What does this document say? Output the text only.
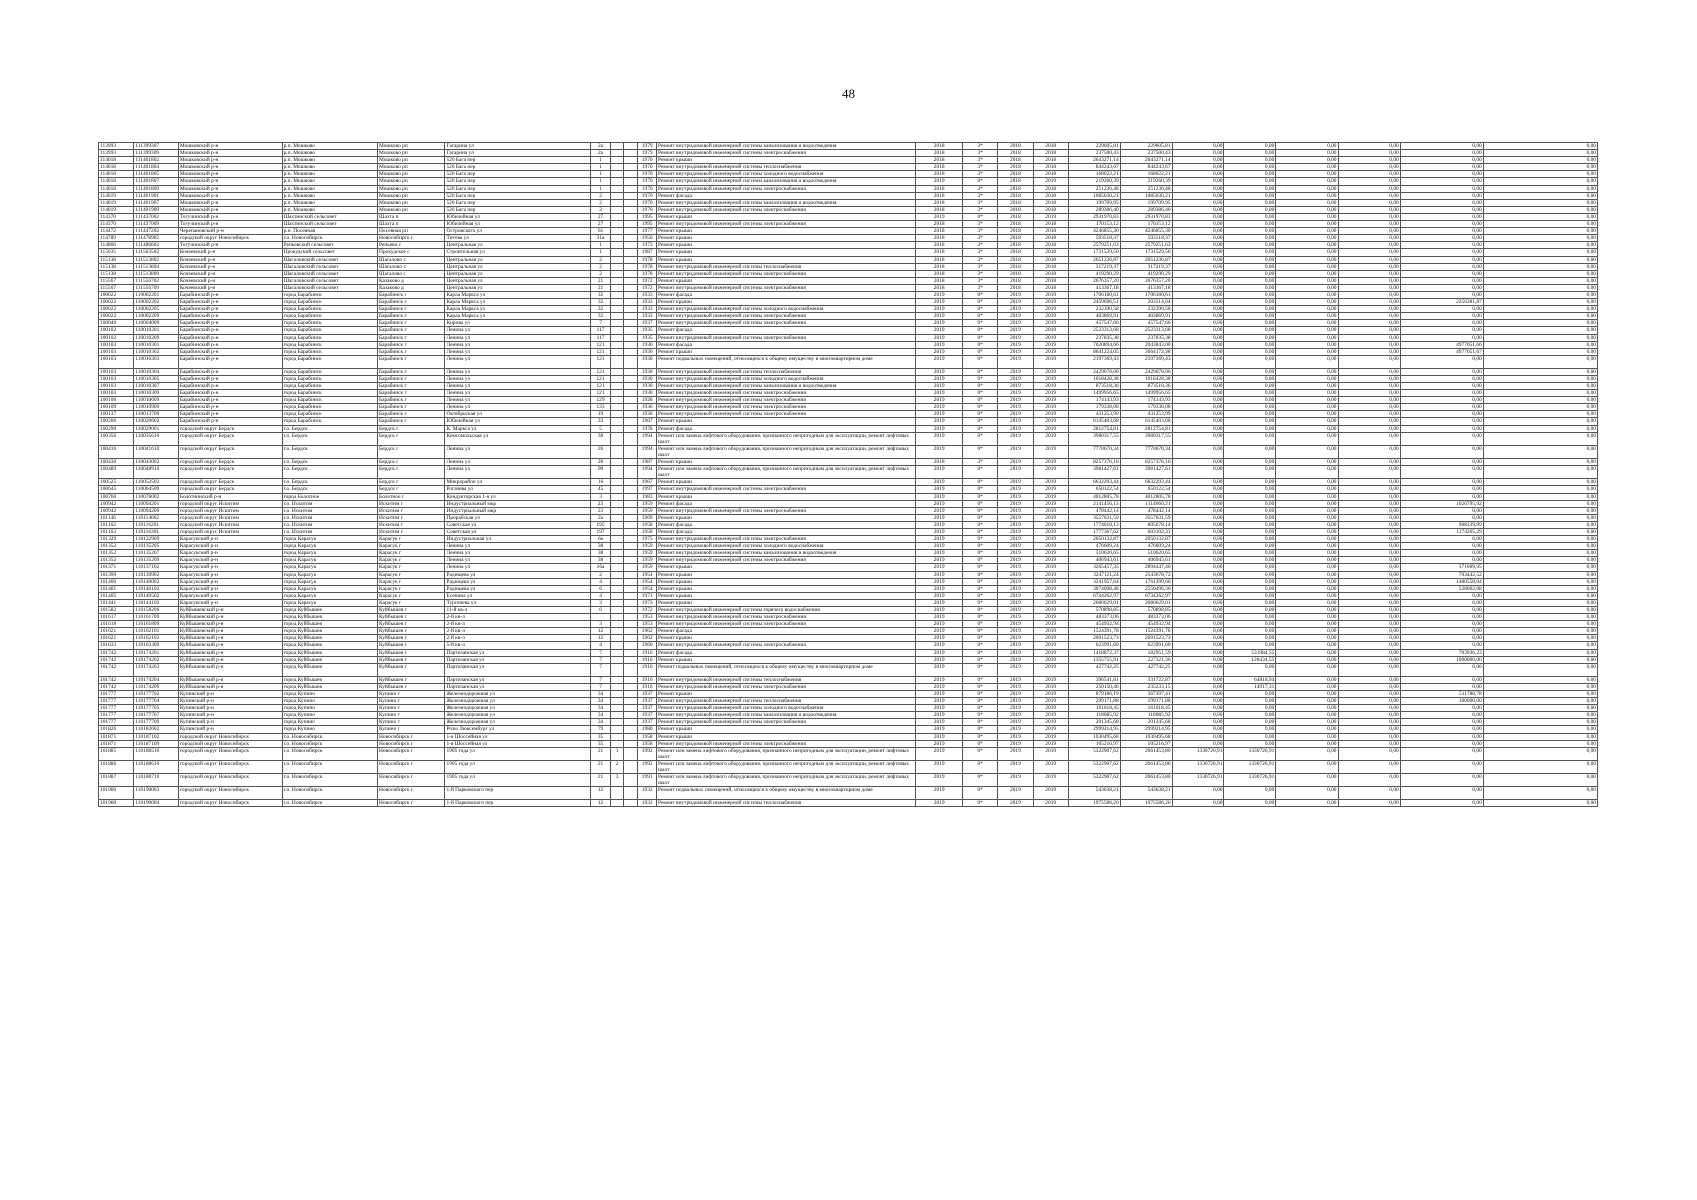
48
113993	111399307	Мошковский р-н	р.п. Мошково	Мошково рп	Гагарина ул	2а			1979	Ремонт внутридомовой инженерной системы канализования и водоотведения	2018	3*	2018	2018	229605,81	229605,81	0,00	0,00	0,00	0,00	0,00	0,00
113993	111399309	Мошковский р-н	р.п. Мошково	Мошково рп	Гагарина ул	2а			1979	Ремонт внутридомовой инженерной системы электроснабжения	2018	3*	2018	2018	237500,43	237500,43	0,00	0,00	0,00	0,00	0,00	0,00
114018	111401802	Мошковский р-н	р.п. Мошково	Мошково рп	520 Бага пер	1			1970	Ремонт крыши	2018	3*	2018	2018	2643271,14	2643271,14	0,00	0,00	0,00	0,00	0,00	0,00
114018	111401804	Мошковский р-н	р.п. Мошково	Мошково рп	520 Бага пер	1			1970	Ремонт внутридомовой инженерной системы теплоснабжения	2018	3*	2018	2018	844243,67	844243,67	0,00	0,00	0,00	0,00	0,00	0,00
114018	111401805	Мошковский р-н	р.п. Мошково	Мошково рп	520 Бага пер	1			1970	Ремонт внутридомовой инженерной системы холодного водоснабжения	2018	3*	2018	2018	168022,21	168022,21	0,00	0,00	0,00	0,00	0,00	0,00
114018	111401807	Мошковский р-н	р.п. Мошково	Мошково рп	520 Бага пер	1			1970	Ремонт внутридомовой инженерной системы канализования и водоотведения	2019	0*	2018	2019	219260,39	219260,39	0,00	0,00	0,00	0,00	0,00	0,00
114018	111401809	Мошковский р-н	р.п. Мошково	Мошково рп	520 Бага пер	1			1970	Ремонт внутридомовой инженерной системы электроснабжения	2018	3*	2018	2018	251236,48	251236,48	0,00	0,00	0,00	0,00	0,00	0,00
114019	111401901	Мошковский р-н	р.п. Мошково	Мошково рп	520 Бага пер	2			1970	Ремонт фасада	2018	3*	2018	2018	1085630,21	1085630,21	0,00	0,00	0,00	0,00	0,00	0,00
114019	111401907	Мошковский р-н	р.п. Мошково	Мошково рп	520 Бага пер	2			1970	Ремонт внутридомовой инженерной системы канализования и водоотведения	2018	3*	2018	2018	199709,95	199709,95	0,00	0,00	0,00	0,00	0,00	0,00
114019	111401909	Мошковский р-н	р.п. Мошково	Мошково рп	520 Бага пер	2			1970	Ремонт внутридомовой инженерной системы электроснабжения	2018	3*	2018	2018	289386,40	289386,40	0,00	0,00	0,00	0,00	0,00	0,00
114370	111437002	Тогучинский р-н	Шахтинский сельсовет	Шахта п	Юбилейная ул	27			1995	Ремонт крыши	2019	0*	2018	2019	2931970,83	2931970,83	0,00	0,00	0,00	0,00	0,00	0,00
114370	111437009	Тогучинский р-н	Шахтинский сельсовет	Шахта п	Юбилейная ул	27			1995	Ремонт внутридомовой инженерной системы электроснабжения	2018	3*	2018	2018	170153,12	170153,12	0,00	0,00	0,00	0,00	0,00	0,00
114472	111447202	Черепановский р-н	р.п. Посевная	Посевная рп	Островского ул	61			1977	Ремонт крыши	2018	3*	2018	2018	4246855,30	4246855,30	0,00	0,00	0,00	0,00	0,00	0,00
114789	111478902	городской округ Новосибирск	г.о. Новосибирск	Новосибирск г	Титова ул	31а			1956	Ремонт крыши	2018	3*	2018	2018	593518,37	593518,37	0,00	0,00	0,00	0,00	0,00	0,00
114866	111486602	Тогучинский р-н	Репьевский сельсовет	Репьево с	Центральная ул	1			1973	Ремонт крыши	2018	3*	2018	2018	2579251,63	2579251,63	0,00	0,00	0,00	0,00	0,00	0,00
115035	111503502	Кочеевский р-н	Прокудский сельсовет	Прокудское с	Строительная ул	1			1987	Ремонт крыши	2018	3*	2018	2018	1731529,50	1731529,50	0,00	0,00	0,00	0,00	0,00	0,00
115138	111513802	Кочеевский р-н	Шагаловский сельсовет	Шагалово с	Центральная ул	2			1978	Ремонт крыши	2018	3*	2018	2018	2651236,87	2651236,87	0,00	0,00	0,00	0,00	0,00	0,00
115138	111513804	Кочеевский р-н	Шагаловский сельсовет	Шагалово с	Центральная ул	2			1978	Ремонт внутридомовой инженерной системы теплоснабжения	2018	3*	2018	2018	317219,37	317219,37	0,00	0,00	0,00	0,00	0,00	0,00
115138	111513809	Кочеевский р-н	Шагаловский сельсовет	Шагалово с	Центральная ул	2			1978	Ремонт внутридомовой инженерной системы электроснабжения	2018	3*	2018	2018	419290,29	419290,29	0,00	0,00	0,00	0,00	0,00	0,00
115567	111556702	Кочеевский р-н	Шагаловский сельсовет	Казаково д	Центральная ул	21			1972	Ремонт крыши	2018	3*	2018	2018	2676357,20	2676357,20	0,00	0,00	0,00	0,00	0,00	0,00
115567	111556709	Кочеевский р-н	Шагаловский сельсовет	Казаково д	Центральная ул	21			1972	Ремонт внутридомовой инженерной системы электроснабжения	2018	3*	2018	2018	413367,18	413367,18	0,00	0,00	0,00	0,00	0,00	0,00
100022	110002201	Барабинский р-н	город Барабинск	Барабинск г	Карла Маркса ул	32			1933	Ремонт фасада	2019	0*	2019	2019	1706180,61	1706180,61	0,00	0,00	0,00	0,00	0,00	0,00
100022	110002202	Барабинский р-н	город Барабинск	Барабинск г	Карла Маркса ул	32			1933	Ремонт крыши	2019	0*	2019	2019	2459696,51	203314,64	0,00	0,00	0,00	0,00	2256381,87	0,00
100022	110002205	Барабинский р-н	город Барабинск	Барабинск г	Карла Маркса ул	32			1933	Ремонт внутридомовой инженерной системы холодного водоснабжения	2019	0*	2019	2019	232390,58	232390,58	0,00	0,00	0,00	0,00	0,00	0,00
100022	110002209	Барабинский р-н	город Барабинск	Барабинск г	Карла Маркса ул	32			1933	Ремонт внутридомовой инженерной системы электроснабжения	2019	0*	2019	2019	403869,91	403869,91	0,00	0,00	0,00	0,00	0,00	0,00
100040	110004009	Барабинский р-н	город Барабинск	Барабинск г	Кирова ул	7			1937	Ремонт внутридомовой инженерной системы электроснабжения	2019	0*	2019	2019	457547,66	457547,66	0,00	0,00	0,00	0,00	0,00	0,00
100102	110010201	Барабинский р-н	город Барабинск	Барабинск г	Ленина ул	117			1935	Ремонт фасада	2019	0*	2019	2019	2523313,68	2523313,68	0,00	0,00	0,00	0,00	0,00	0,00
100102	110010209	Барабинский р-н	город Барабинск	Барабинск г	Ленина ул	117			1935	Ремонт внутридомовой инженерной системы электроснабжения	2019	0*	2019	2019	237835,38	237835,38	0,00	0,00	0,00	0,00	0,00	0,00
100103	110010301	Барабинский р-н	город Барабинск	Барабинск г	Ленина ул	121			1930	Ремонт фасада	2019	0*	2019	2019	7020894,66	2043843,00	0,00	0,00	0,00	0,00	4977051,66	0,00
100103	110010302	Барабинский р-н	город Барабинск	Барабинск г	Ленина ул	121			1930	Ремонт крыши	2019	0*	2019	2019	8641224,05	3664172,38	0,00	0,00	0,00	0,00	4977051,67	0,00
100103	110010303	Барабинский р-н	город Барабинск	Барабинск г	Ленина ул	121			1930	Ремонт подвальных помещений, относящихся к общему имуществу в многоквартирном доме	2019	0*	2019	2019	2197369,43	2197369,43	0,00	0,00	0,00	0,00	0,00	0,00
100103	110010304	Барабинский р-н	город Барабинск	Барабинск г	Ленина ул	121			1930	Ремонт внутридомовой инженерной системы теплоснабжения	2019	0*	2019	2019	2429078,06	2429078,06	0,00	0,00	0,00	0,00	0,00	0,00
100103	110010305	Барабинский р-н	город Барабинск	Барабинск г	Ленина ул	121			1930	Ремонт внутридомовой инженерной системы холодного водоснабжения	2019	0*	2019	2019	1018428,38	1018428,38	0,00	0,00	0,00	0,00	0,00	0,00
100103	110010307	Барабинский р-н	город Барабинск	Барабинск г	Ленина ул	121			1930	Ремонт внутридомовой инженерной системы канализования и водоотведения	2019	0*	2019	2019	873518,36	873518,36	0,00	0,00	0,00	0,00	0,00	0,00
100103	110010309	Барабинский р-н	город Барабинск	Барабинск г	Ленина ул	121			1930	Ремонт внутридомовой инженерной системы электроснабжения	2019	0*	2019	2019	1499956,65	1499956,65	0,00	0,00	0,00	0,00	0,00	0,00
100106	110010609	Барабинский р-н	город Барабинск	Барабинск г	Ленина ул	129			1928	Ремонт внутридомовой инженерной системы электроснабжения	2019	0*	2019	2019	174143,93	174143,93	0,00	0,00	0,00	0,00	0,00	0,00
100109	110010909	Барабинский р-н	город Барабинск	Барабинск г	Ленина ул	133			1936	Ремонт внутридомовой инженерной системы электроснабжения	2019	0*	2019	2019	179338,08	179338,08	0,00	0,00	0,00	0,00	0,00	0,00
100137	110013709	Барабинский р-н	город Барабинск	Барабинск г	Октябрьская ул	19			1936	Ремонт внутридомовой инженерной системы электроснабжения	2019	0*	2019	2019	431253,99	431253,99	0,00	0,00	0,00	0,00	0,00	0,00
100206	110020602	Барабинский р-н	город Барабинск	Барабинск г	Юбилейная ул	33			1967	Ремонт крыши	2019	0*	2019	2019	6145403,68	6145403,68	0,00	0,00	0,00	0,00	0,00	0,00
100290	110029001	городской округ Бердск	г.о. Бердск	Бердск г	К. Маркса ул	5			1978	Ремонт фасада	2019	0*	2019	2019	2812754,81	2812754,81	0,00	0,00	0,00	0,00	0,00	0,00
100356	110035610	городской округ Бердск	г.о. Бердск	Бердск г	Комсомольская ул	38			1994	Ремонт или замена лифтового оборудования, признанного непригодным для эксплуатации, ремонт лифтовых шахт	2019	0*	2019	2019	3980317,55	3980317,55	0,00	0,00	0,00	0,00	0,00	0,00
100416	110041610	городской округ Бердск	г.о. Бердск	Бердск г	Ленина ул	26			1994	Ремонт или замена лифтового оборудования, признанного непригодным для эксплуатации, ремонт лифтовых шахт	2019	0*	2019	2019	7770670,34	7770670,34	0,00	0,00	0,00	0,00	0,00	0,00
100430	110043002	городской округ Бердск	г.о. Бердск	Бердск г	Ленина ул	28			1987	Ремонт крыши	2018	3*	2019	2019	8257376,16	8257376,16	0,00	0,00	0,00	0,00	0,00	0,00
100489	110048910	городской округ Бердск	г.о. Бердск	Бердск г	Ленина ул	90			1994	Ремонт или замена лифтового оборудования, признанного непригодным для эксплуатации, ремонт лифтовых шахт	2019	0*	2019	2019	3981427,61	3981427,61	0,00	0,00	0,00	0,00	0,00	0,00
100525	110052502	городской округ Бердск	г.о. Бердск	Бердск г	Микрорайон ул	16			1967	Ремонт крыши	2019	0*	2019	2019	6632293,44	6632293,44	0,00	0,00	0,00	0,00	0,00	0,00
100645	110064509	городской округ Бердск	г.о. Бердск	Бердск г	Рогачева ул	45			1997	Ремонт внутридомовой инженерной системы электроснабжения	2019	0*	2019	2019	650122,54	650122,54	0,00	0,00	0,00	0,00	0,00	0,00
100760	110076002	Болотнинский р-н	город Болотное	Болотное г	Кондукторская 1-я ул	3			1983	Ремонт крыши	2019	0*	2019	2019	4012805,78	4012805,78	0,00	0,00	0,00	0,00	0,00	0,00
100942	110094201	городской округ Искитим	г.о. Искитим	Искитим г	Индустриальный мкр	23			1959	Ремонт фасада	2019	0*	2019	2019	2141456,13	1114660,21	0,00	0,00	0,00	0,00	1026795,92	0,00
100942	110094209	городской округ Искитим	г.о. Искитим	Искитим г	Индустриальный мкр	23			1959	Ремонт внутридомовой инженерной системы электроснабжения	2019	0*	2019	2019	478442,14	478442,14	0,00	0,00	0,00	0,00	0,00	0,00
101146	110114602	городской округ Искитим	г.о. Искитим	Искитим г	Прорабская ул	2а			1969	Ремонт крыши	2019	0*	2019	2019	3557631,59	3557631,59	0,00	0,00	0,00	0,00	0,00	0,00
101162	110116201	городской округ Искитим	г.о. Искитим	Искитим г	Советская ул	195			1958	Ремонт фасада	2019	0*	2019	2019	1774018,13	805678,14	0,00	0,00	0,00	0,00	968339,99	0,00
101163	110116301	городской округ Искитим	г.о. Искитим	Искитим г	Советская ул	197			1958	Ремонт фасада	2019	0*	2019	2019	1777367,62	603102,33	0,00	0,00	0,00	0,00	1174265,29	0,00
101329	110132909	Карасукский р-н	город Карасук	Карасук г	Индустриальная ул	6а			1975	Ремонт внутридомовой инженерной системы электроснабжения	2019	0*	2019	2019	2050132,87	2050132,87	0,00	0,00	0,00	0,00	0,00	0,00
101352	110135205	Карасукский р-н	город Карасук	Карасук г	Ленина ул	38			1959	Ремонт внутридомовой инженерной системы холодного водоснабжения	2019	0*	2019	2019	476609,24	476609,24	0,00	0,00	0,00	0,00	0,00	0,00
101352	110135207	Карасукский р-н	город Карасук	Карасук г	Ленина ул	38			1959	Ремонт внутридомовой инженерной системы канализования и водоотведения	2019	0*	2019	2019	510620,65	510620,65	0,00	0,00	0,00	0,00	0,00	0,00
101352	110135209	Карасукский р-н	город Карасук	Карасук г	Ленина ул	38			1959	Ремонт внутридомовой инженерной системы электроснабжения	2019	0*	2019	2019	406943,61	406943,61	0,00	0,00	0,00	0,00	0,00	0,00
101371	110137102	Карасукский р-н	город Карасук	Карасук г	Ленина ул	16а			1959	Ремонт крыши	2019	0*	2019	2019	3265457,35	2894447,40	0,00	0,00	0,00	0,00	371009,95	0,00
101399	110139902	Карасукский р-н	город Карасук	Карасук г	Радищева ул	2			1954	Ремонт крыши	2019	0*	2019	2019	3247121,24	2543678,72	0,00	0,00	0,00	0,00	703442,52	0,00
101400	110140002	Карасукский р-н	город Карасук	Карасук г	Радищева ул	4			1954	Ремонт крыши	2019	0*	2019	2019	3241957,64	1761399,60	0,00	0,00	0,00	0,00	1480558,04	0,00
101401	110140102	Карасукский р-н	город Карасук	Карасук г	Радищева ул	6			1954	Ремонт крыши	2019	0*	2019	2019	3074098,48	2550496,36	0,00	0,00	0,00	0,00	528002,08	0,00
101405	110140502	Карасукский р-н	город Карасук	Карасук г	Есенина ул	4			1971	Ремонт крыши	2019	0*	2019	2019	6734262,97	6734262,97	0,00	0,00	0,00	0,00	0,00	0,00
101441	110144102	Карасукский р-н	город Карасук	Карасук г	Тургенева ул	3			1973	Ремонт крыши	2019	0*	2019	2019	2680629,01	2680629,01	0,00	0,00	0,00	0,00	0,00	0,00
101582	110158206	Куйбышевский р-н	город Куйбышев	Куйбышев г	11-й кв-л	6			1972	Ремонт внутридомовой инженерной системы горячего водоснабжения	2019	0*	2019	2019	570898,85	570898,85	0,00	0,00	0,00	0,00	0,00	0,00
101617	110161709	Куйбышевский р-н	город Куйбышев	Куйбышев г	2-й кв-л				1953	Ремонт внутридомовой инженерной системы электроснабжения	2019	0*	2019	2019	483373,06	483373,06	0,00	0,00	0,00	0,00	0,00	0,00
101618	110161809	Куйбышевский р-н	город Куйбышев	Куйбышев г	2-й кв-л	3			1953	Ремонт внутридомовой инженерной системы электроснабжения	2019	0*	2019	2019	454932,94	454932,94	0,00	0,00	0,00	0,00	0,00	0,00
101621	110162101	Куйбышевский р-н	город Куйбышев	Куйбышев г	2-й кв-л	12			1962	Ремонт фасада	2019	0*	2019	2019	1524391,78	1524391,78	0,00	0,00	0,00	0,00	0,00	0,00
101621	110162102	Куйбышевский р-н	город Куйбышев	Куйбышев г	2-й кв-л	12			1962	Ремонт крыши	2019	0*	2019	2019	2691523,73	2691523,73	0,00	0,00	0,00	0,00	0,00	0,00
101633	110163309	Куйбышевский р-н	город Куйбышев	Куйбышев г	5-й кв-л	4			1960	Ремонт внутридомовой инженерной системы электроснабжения	2019	0*	2019	2019	623991,60	623991,60	0,00	0,00	0,00	0,00	0,00	0,00
101742	110174201	Куйбышевский р-н	город Куйбышев	Куйбышев г	Партизанская ул	7			1916	Ремонт фасада	2019	0*	2019	2019	1418872,37	182951,59	0,00	531984,55	0,00	0,00	703936,23	0,00
101742	110174202	Куйбышевский р-н	город Куйбышев	Куйбышев г	Партизанская ул	7			1916	Ремонт крыши	2019	0*	2019	2019	1355755,91	227321,36	0,00	128434,55	0,00	0,00	1000000,00	0,00
101742	110174203	Куйбышевский р-н	город Куйбышев	Куйбышев г	Партизанская ул	7			1916	Ремонт подвальных помещений, относящихся к общему имуществу в многоквартирном доме	2019	0*	2019	2019	427742,25	427742,25	0,00	0,00	0,00	0,00	0,00	0,00
101742	110174204	Куйбышевский р-н	город Куйбышев	Куйбышев г	Партизанская ул	7			1916	Ремонт внутридомовой инженерной системы теплоснабжения	2019	0*	2019	2019	396541,81	331722,87	0,00	64818,94	0,00	0,00	0,00	0,00
101742	110174209	Куйбышевский р-н	город Куйбышев	Куйбышев г	Партизанская ул	7			1916	Ремонт внутридомовой инженерной системы электроснабжения	2019	0*	2019	2019	250150,46	235233,15	0,00	14917,31	0,00	0,00	0,00	0,00
101777	110177702	Купинский р-н	город Купино	Купино г	Железнодорожная ул	34			1937	Ремонт крыши	2019	0*	2019	2019	879186,19	367397,41	0,00	0,00	0,00	0,00	511788,78	0,00
101777	110177704	Купинский р-н	город Купино	Купино г	Железнодорожная ул	34			1937	Ремонт внутридомовой инженерной системы теплоснабжения	2019	0*	2019	2019	299171,88	199171,88	0,00	0,00	0,00	0,00	100000,00	0,00
101777	110177705	Купинский р-н	город Купино	Купино г	Железнодорожная ул	34			1937	Ремонт внутридомовой инженерной системы холодного водоснабжения	2019	0*	2019	2019	161618,45	161618,45	0,00	0,00	0,00	0,00	0,00	0,00
101777	110177707	Купинский р-н	город Купино	Купино г	Железнодорожная ул	34			1937	Ремонт внутридомовой инженерной системы канализования и водоотведения	2019	0*	2019	2019	118085,92	118085,92	0,00	0,00	0,00	0,00	0,00	0,00
101777	110177709	Купинский р-н	город Купино	Купино г	Железнодорожная ул	34			1937	Ремонт внутридомовой инженерной системы электроснабжения	2019	0*	2019	2019	201345,68	201345,68	0,00	0,00	0,00	0,00	0,00	0,00
101826	110182602	Купинский р-н	город Купино	Купино г	Розы Люксембург ул	79			1980	Ремонт крыши	2019	0*	2019	2019	2999214,95	2999214,95	0,00	0,00	0,00	0,00	0,00	0,00
101871	110187102	городской округ Новосибирск	г.о. Новосибирск	Новосибирск г	1-я Шоссейная ул	35			1958	Ремонт крыши	2019	0*	2019	2019	1030495,68	1030495,68	0,00	0,00	0,00	0,00	0,00	0,00
101871	110187109	городской округ Новосибирск	г.о. Новосибирск	Новосибирск г	1-я Шоссейная ул	35			1958	Ремонт внутридомовой инженерной системы электроснабжения	2019	0*	2019	2019	105216,97	105216,97	0,00	0,00	0,00	0,00	0,00	0,00
101885	110188510	городской округ Новосибирск	г.о. Новосибирск	Новосибирск г	1905 года ул	21	1		1992	Ремонт или замена лифтового оборудования, признанного непригодным для эксплуатации, ремонт лифтовых шахт	2019	0*	2019	2019	5322907,62	2661453,80	1330726,91	1330726,91	0,00	0,00	0,00	0,00
101886	110188610	городской округ Новосибирск	г.о. Новосибирск	Новосибирск г	1905 года ул	21	2		1992	Ремонт или замена лифтового оборудования, признанного непригодным для эксплуатации, ремонт лифтовых шахт	2019	0*	2019	2019	5322907,62	2661453,80	1330726,91	1330726,91	0,00	0,00	0,00	0,00
101887	110188710	городской округ Новосибирск	г.о. Новосибирск	Новосибирск г	1905 года ул	21	3		1991	Ремонт или замена лифтового оборудования, признанного непригодным для эксплуатации, ремонт лифтовых шахт	2019	0*	2019	2019	5322907,62	2661453,80	1330726,91	1330726,91	0,00	0,00	0,00	0,00
101900	110190003	городской округ Новосибирск	г.о. Новосибирск	Новосибирск г	1-й Парковского пер	12			1932	Ремонт подвальных помещений, относящихся к общему имуществу в многоквартирном доме	2019	0*	2019	2019	543638,21	543638,21	0,00	0,00	0,00	0,00	0,00	0,00
101900	110190004	городской округ Новосибирск	г.о. Новосибирск	Новосибирск г	1-й Парковского пер	12			1932	Ремонт внутридомовой инженерной системы теплоснабжения	2019	0*	2019	2019	1975586,20	1975586,20	0,00	0,00	0,00	0,00	0,00	0,00
